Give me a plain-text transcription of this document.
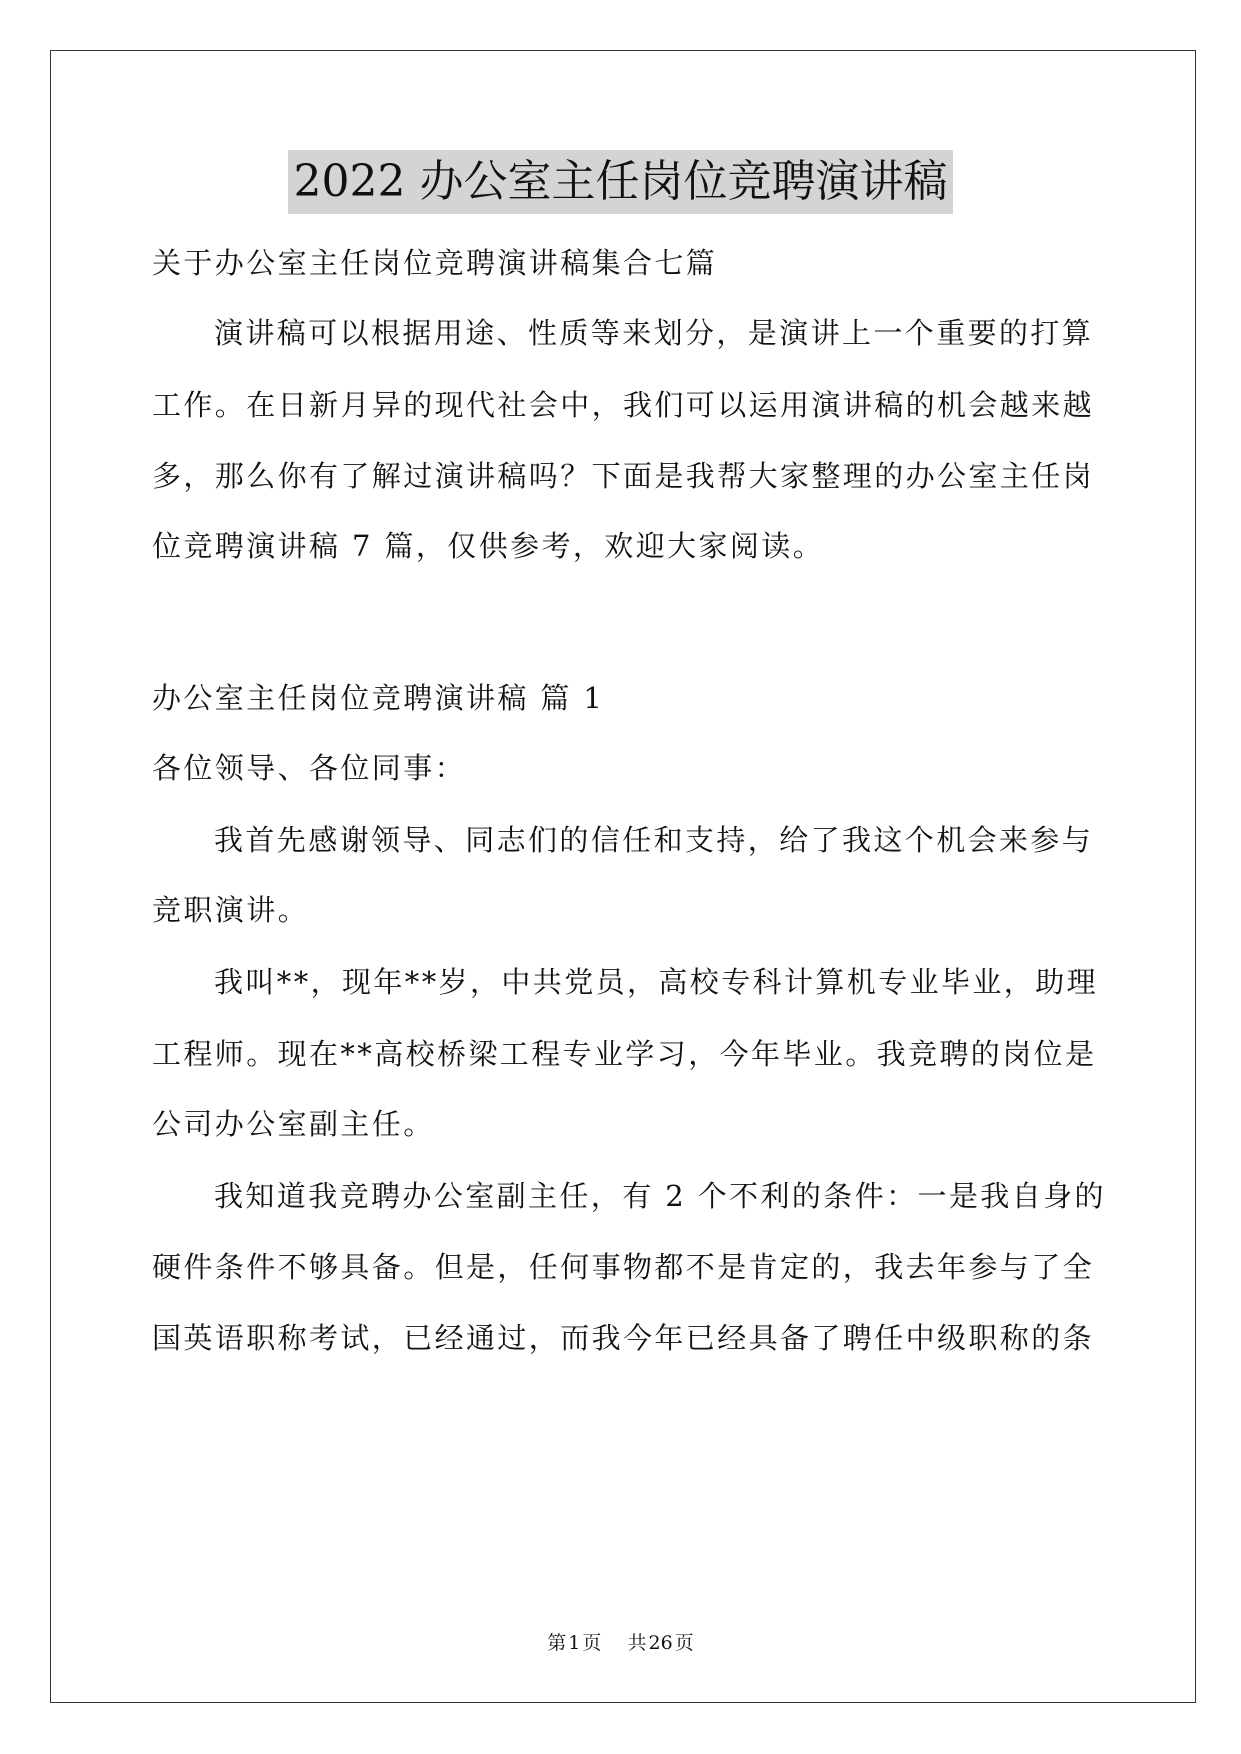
2022 办公室主任岗位竞聘演讲稿
关于办公室主任岗位竞聘演讲稿集合七篇
演讲稿可以根据用途、性质等来划分，是演讲上一个重要的打算
工作。在日新月异的现代社会中，我们可以运用演讲稿的机会越来越
多，那么你有了解过演讲稿吗？下面是我帮大家整理的办公室主任岗
位竞聘演讲稿 7 篇，仅供参考，欢迎大家阅读。
办公室主任岗位竞聘演讲稿 篇 1
各位领导、各位同事：
我首先感谢领导、同志们的信任和支持，给了我这个机会来参与
竞职演讲。
我叫**，现年**岁，中共党员，高校专科计算机专业毕业，助理
工程师。现在**高校桥梁工程专业学习，今年毕业。我竞聘的岗位是
公司办公室副主任。
我知道我竞聘办公室副主任，有 2 个不利的条件：一是我自身的
硬件条件不够具备。但是，任何事物都不是肯定的，我去年参与了全
国英语职称考试，已经通过，而我今年已经具备了聘任中级职称的条
第 1 页 共 26 页
